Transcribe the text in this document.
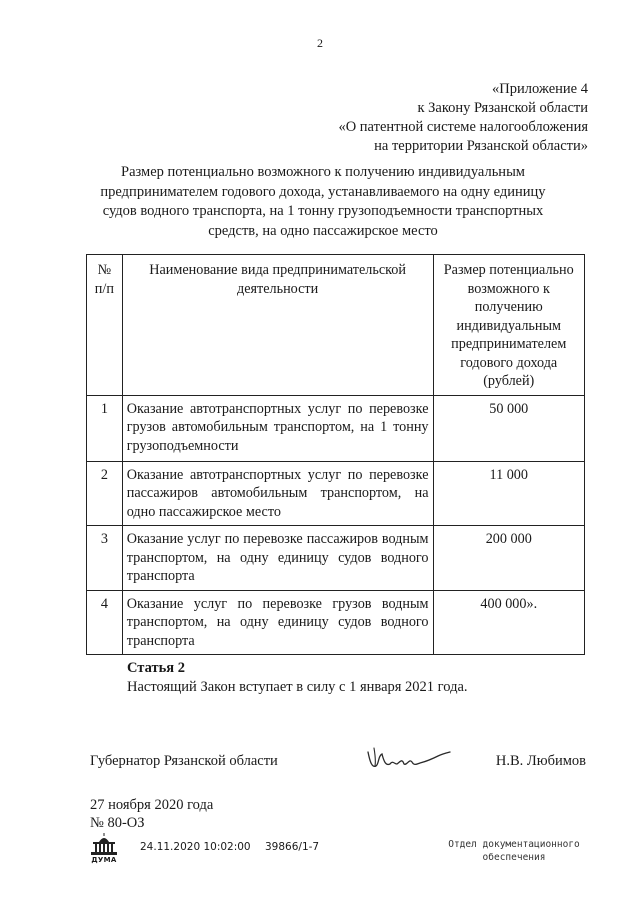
2
«Приложение 4
к Закону Рязанской области
«О патентной системе налогообложения
на территории Рязанской области»
Размер потенциально возможного к получению индивидуальным
предпринимателем годового дохода, устанавливаемого на одну единицу
судов водного транспорта, на 1 тонну грузоподъемности транспортных
средств, на одно пассажирское место
№
п/п	Наименование вида предпринимательской деятельности	Размер потенциально возможного к получению индивидуальным предпринимателем годового дохода (рублей)
1	Оказание автотранспортных услуг по перевозке грузов автомобильным транспортом, на 1 тонну грузоподъемности	50 000
2	Оказание автотранспортных услуг по перевозке пассажиров автомобильным транспортом, на одно пассажирское место	11 000
3	Оказание услуг по перевозке пассажиров водным транспортом, на одну единицу судов водного транспорта	200 000
4	Оказание услуг по перевозке грузов водным транспортом, на одну единицу судов водного транспорта	400 000».
Статья 2
Настоящий Закон вступает в силу с 1 января 2021 года.
Губернатор Рязанской области	Н.В. Любимов
27 ноября 2020 года
№ 80-ОЗ
ДУМА
24.11.2020 10:02:00 39866/1-7	Отдел документационного
обеспечения
